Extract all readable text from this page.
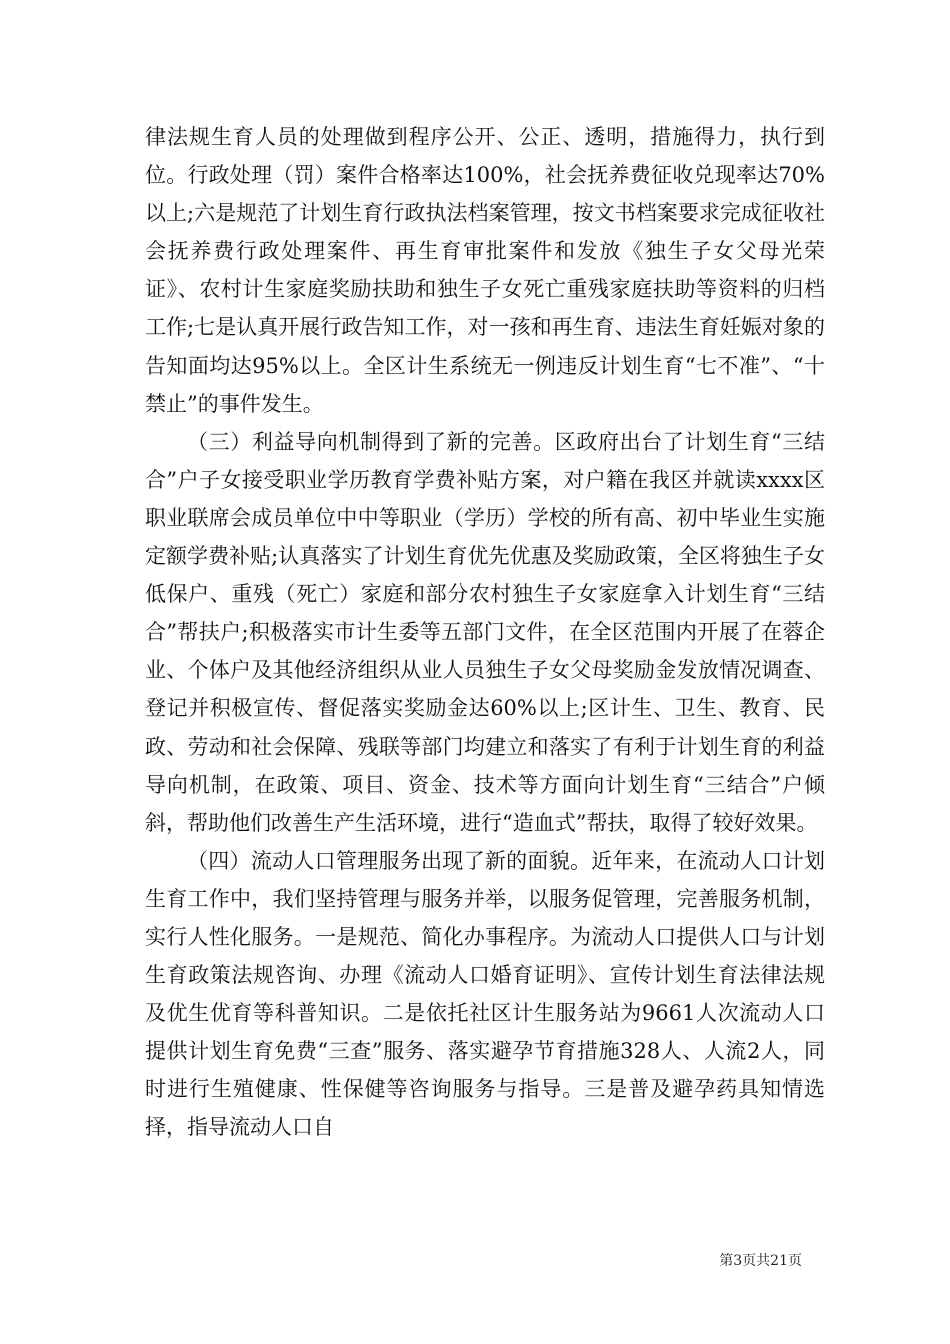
律法规生育人员的处理做到程序公开、公正、透明，措施得力，执行到位。行政处理（罚）案件合格率达100%，社会抚养费征收兑现率达70%以上;六是规范了计划生育行政执法档案管理，按文书档案要求完成征收社会抚养费行政处理案件、再生育审批案件和发放《独生子女父母光荣证》、农村计生家庭奖励扶助和独生子女死亡重残家庭扶助等资料的归档工作;七是认真开展行政告知工作，对一孩和再生育、违法生育妊娠对象的告知面均达95%以上。全区计生系统无一例违反计划生育“七不准”、“十禁止”的事件发生。

（三）利益导向机制得到了新的完善。区政府出台了计划生育“三结合”户子女接受职业学历教育学费补贴方案，对户籍在我区并就读xxxx区职业联席会成员单位中中等职业（学历）学校的所有高、初中毕业生实施定额学费补贴;认真落实了计划生育优先优惠及奖励政策，全区将独生子女低保户、重残（死亡）家庭和部分农村独生子女家庭拿入计划生育“三结合”帮扶户;积极落实市计生委等五部门文件，在全区范围内开展了在蓉企业、个体户及其他经济组织从业人员独生子女父母奖励金发放情况调查、登记并积极宣传、督促落实奖励金达60%以上;区计生、卫生、教育、民政、劳动和社会保障、残联等部门均建立和落实了有利于计划生育的利益导向机制，在政策、项目、资金、技术等方面向计划生育“三结合”户倾斜，帮助他们改善生产生活环境，进行“造血式”帮扶，取得了较好效果。

（四）流动人口管理服务出现了新的面貌。近年来，在流动人口计划生育工作中，我们坚持管理与服务并举，以服务促管理，完善服务机制，实行人性化服务。一是规范、简化办事程序。为流动人口提供人口与计划生育政策法规咨询、办理《流动人口婚育证明》、宣传计划生育法律法规及优生优育等科普知识。二是依托社区计生服务站为9661人次流动人口提供计划生育免费“三查”服务、落实避孕节育措施328人、人流2人，同时进行生殖健康、性保健等咨询服务与指导。三是普及避孕药具知情选择，指导流动人口自

第3页共21页
